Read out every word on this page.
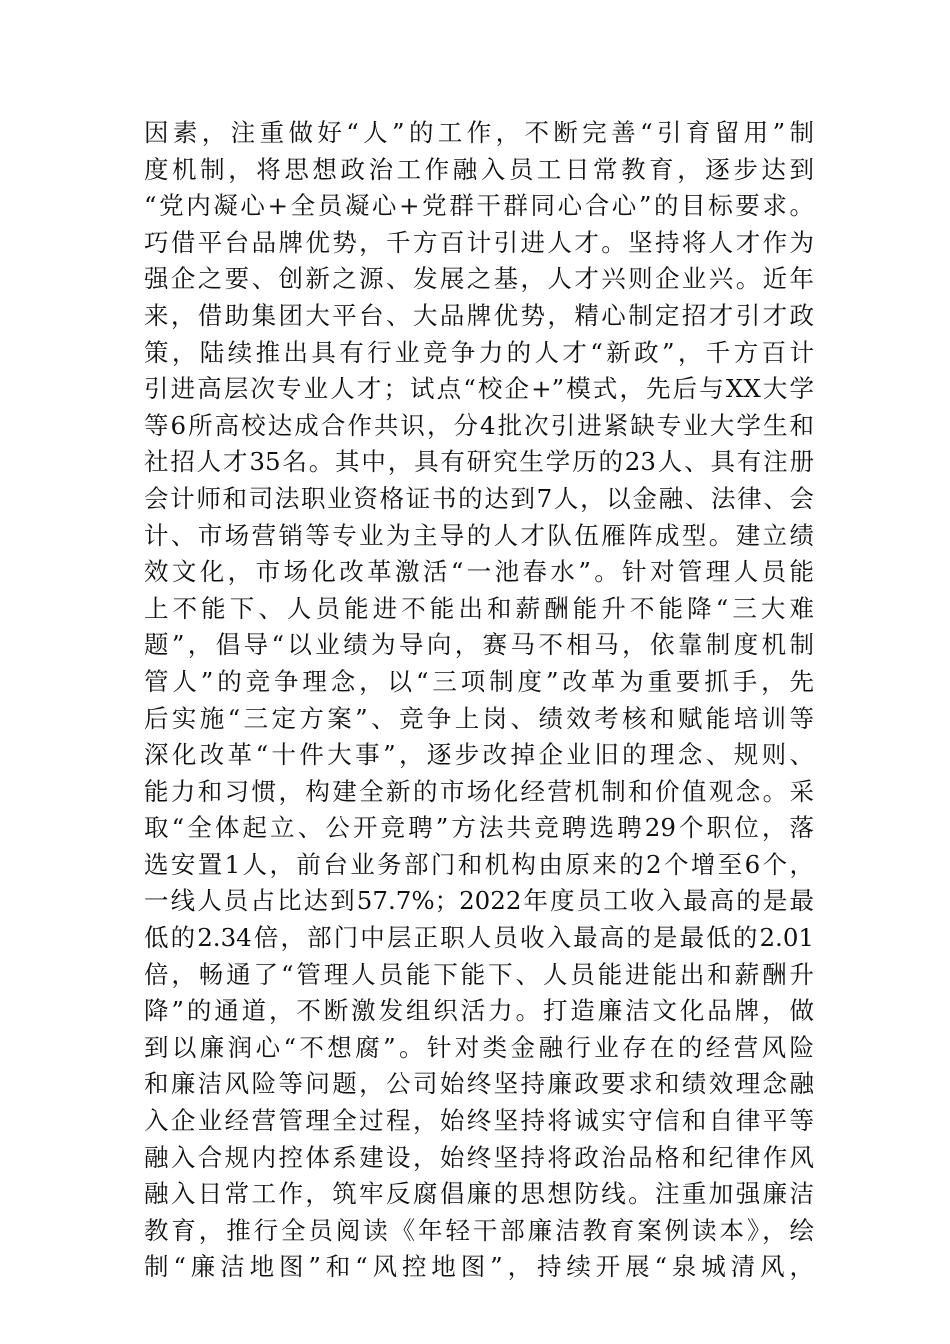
因素，注重做好“人”的工作，不断完善“引育留用”制
度机制，将思想政治工作融入员工日常教育，逐步达到
“党内凝心+全员凝心+党群干群同心合心”的目标要求。
巧借平台品牌优势，千方百计引进人才。坚持将人才作为
强企之要、创新之源、发展之基，人才兴则企业兴。近年
来，借助集团大平台、大品牌优势，精心制定招才引才政
策，陆续推出具有行业竞争力的人才“新政”，千方百计
引进高层次专业人才；试点“校企+”模式，先后与XX大学
等6所高校达成合作共识，分4批次引进紧缺专业大学生和
社招人才35名。其中，具有研究生学历的23人、具有注册
会计师和司法职业资格证书的达到7人，以金融、法律、会
计、市场营销等专业为主导的人才队伍雁阵成型。建立绩
效文化，市场化改革激活“一池春水”。针对管理人员能
上不能下、人员能进不能出和薪酬能升不能降“三大难
题”，倡导“以业绩为导向，赛马不相马，依靠制度机制
管人”的竞争理念，以“三项制度”改革为重要抓手，先
后实施“三定方案”、竞争上岗、绩效考核和赋能培训等
深化改革“十件大事”，逐步改掉企业旧的理念、规则、
能力和习惯，构建全新的市场化经营机制和价值观念。采
取“全体起立、公开竞聘”方法共竞聘选聘29个职位，落
选安置1人，前台业务部门和机构由原来的2个增至6个，
一线人员占比达到57.7%；2022年度员工收入最高的是最
低的2.34倍，部门中层正职人员收入最高的是最低的2.01
倍，畅通了“管理人员能下能下、人员能进能出和薪酬升
降”的通道，不断激发组织活力。打造廉洁文化品牌，做
到以廉润心“不想腐”。针对类金融行业存在的经营风险
和廉洁风险等问题，公司始终坚持廉政要求和绩效理念融
入企业经营管理全过程，始终坚持将诚实守信和自律平等
融入合规内控体系建设，始终坚持将政治品格和纪律作风
融入日常工作，筑牢反腐倡廉的思想防线。注重加强廉洁
教育，推行全员阅读《年轻干部廉洁教育案例读本》，绘
制“廉洁地图”和“风控地图”，持续开展“泉城清风，
